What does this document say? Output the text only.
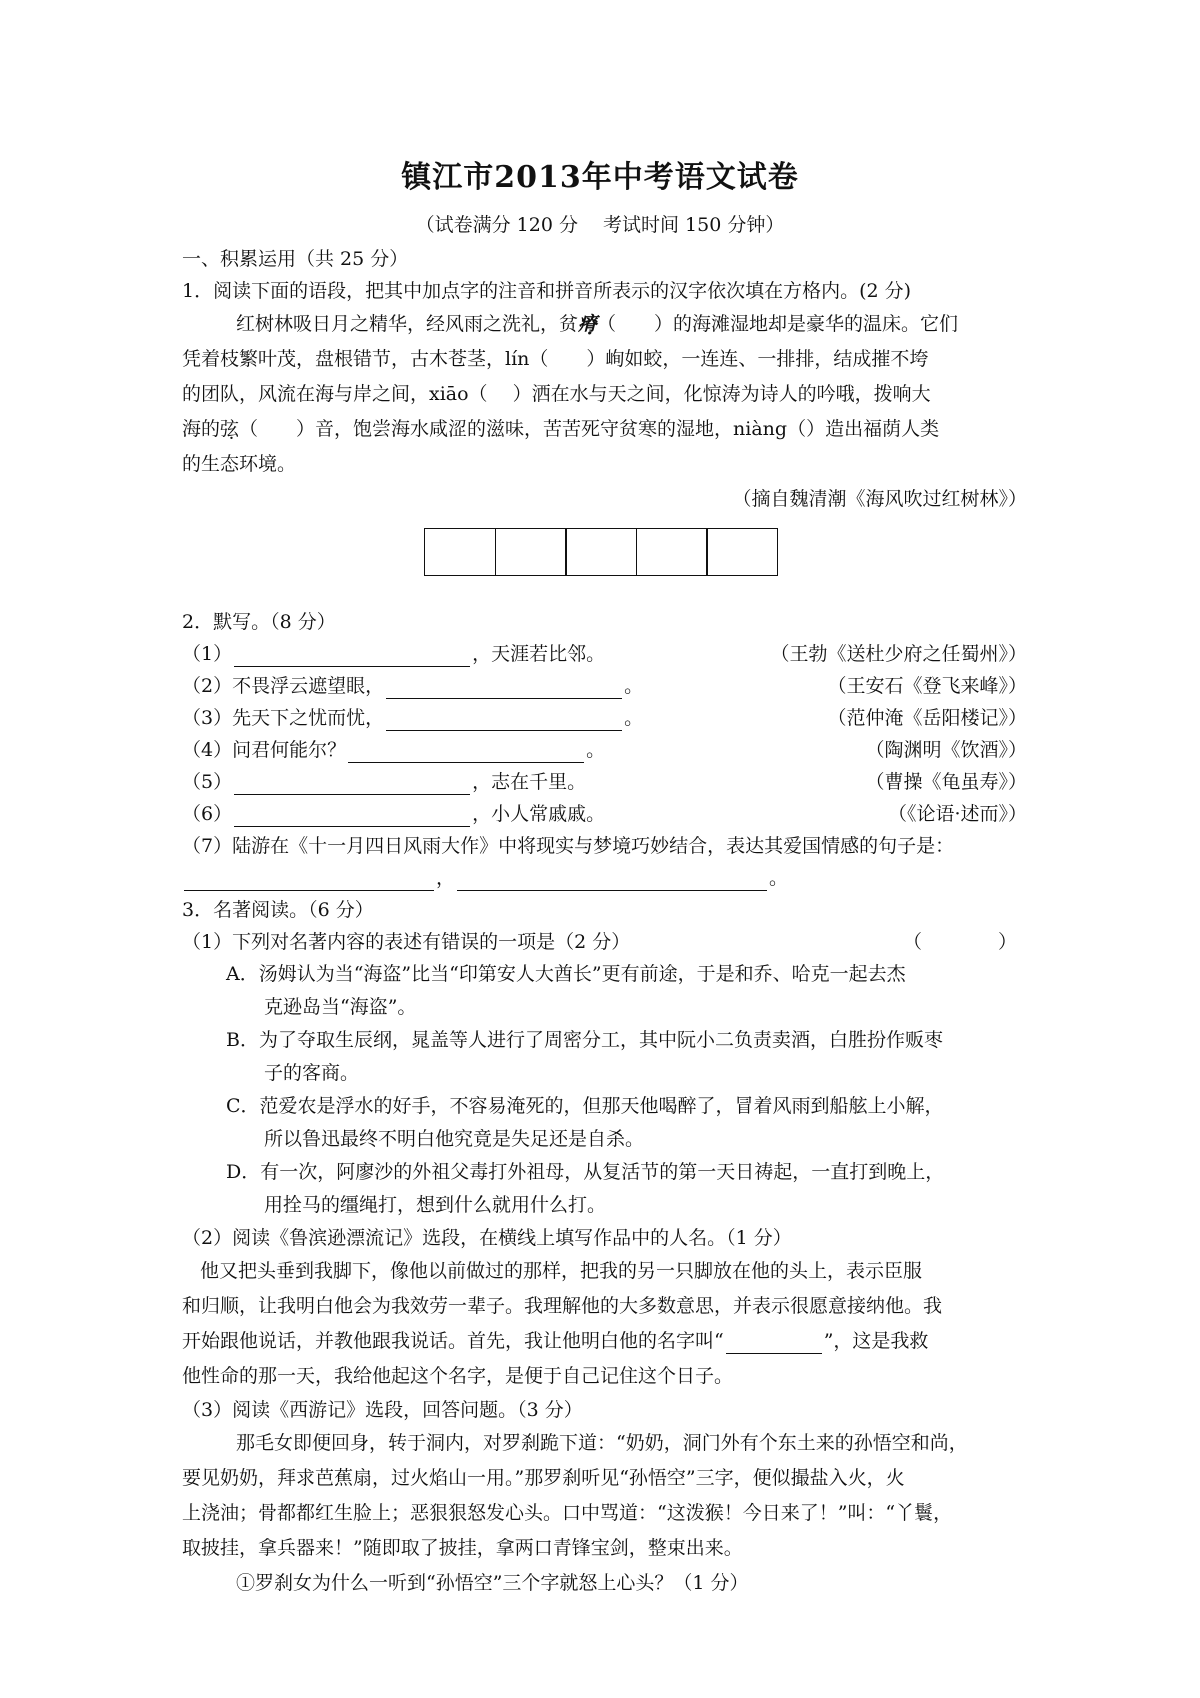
镇江市2013年中考语文试卷
（试卷满分 120 分　 考试时间 150 分钟）
一、积累运用（共 25 分）
1．阅读下面的语段，把其中加点字的注音和拼音所表示的汉字依次填在方格内。(2 分)
红树林吸日月之精华，经风雨之洗礼，贫瘠（　　）的海滩湿地却是豪华的温床。它们
凭着枝繁叶茂，盘根错节，古木苍茎，lín（　　）峋如蛟，一连连、一排排，结成摧不垮
的团队，风流在海与岸之间，xiāo（　 ）洒在水与天之间，化惊涛为诗人的吟哦，拨响大
海的弦（　　）音，饱尝海水咸涩的滋味，苦苦死守贫寒的湿地，niàng（）造出福荫人类
的生态环境。
（摘自魏清潮《海风吹过红树林》）
2．默写。（8 分）
（1）	，天涯若比邻。	（王勃《送杜少府之任蜀州》）
（2）不畏浮云遮望眼，	。	（王安石《登飞来峰》）
（3）先天下之忧而忧，	。	（范仲淹《岳阳楼记》）
（4）问君何能尔？	。	（陶渊明《饮酒》）
（5）	，志在千里。	（曹操《龟虽寿》）
（6）	，小人常戚戚。	（《论语·述而》）
（7）陆游在《十一月四日风雨大作》中将现实与梦境巧妙结合，表达其爱国情感的句子是：
，	。
3．名著阅读。（6 分）
（1）下列对名著内容的表述有错误的一项是（2 分）	（　　　　）
A．汤姆认为当“海盗”比当“印第安人大酋长”更有前途，于是和乔、哈克一起去杰
克逊岛当“海盗”。
B．为了夺取生辰纲，晁盖等人进行了周密分工，其中阮小二负责卖酒，白胜扮作贩枣
子的客商。
C．范爱农是浮水的好手，不容易淹死的，但那天他喝醉了，冒着风雨到船舷上小解，
所以鲁迅最终不明白他究竟是失足还是自杀。
D．有一次，阿廖沙的外祖父毒打外祖母，从复活节的第一天日祷起，一直打到晚上，
用拴马的缰绳打，想到什么就用什么打。
（2）阅读《鲁滨逊漂流记》选段，在横线上填写作品中的人名。（1 分）
他又把头垂到我脚下，像他以前做过的那样，把我的另一只脚放在他的头上，表示臣服
和归顺，让我明白他会为我效劳一辈子。我理解他的大多数意思，并表示很愿意接纳他。我
开始跟他说话，并教他跟我说话。首先，我让他明白他的名字叫“	”，这是我救
他性命的那一天，我给他起这个名字，是便于自己记住这个日子。
（3）阅读《西游记》选段，回答问题。（3 分）
那毛女即便回身，转于洞内，对罗刹跪下道：“奶奶，洞门外有个东土来的孙悟空和尚，
要见奶奶，拜求芭蕉扇，过火焰山一用。”那罗刹听见“孙悟空”三字，便似撮盐入火，火
上浇油；骨都都红生脸上；恶狠狠怒发心头。口中骂道：“这泼猴！今日来了！”叫：“丫鬟，
取披挂，拿兵器来！”随即取了披挂，拿两口青锋宝剑，整束出来。
①罗刹女为什么一听到“孙悟空”三个字就怒上心头？（1 分）
